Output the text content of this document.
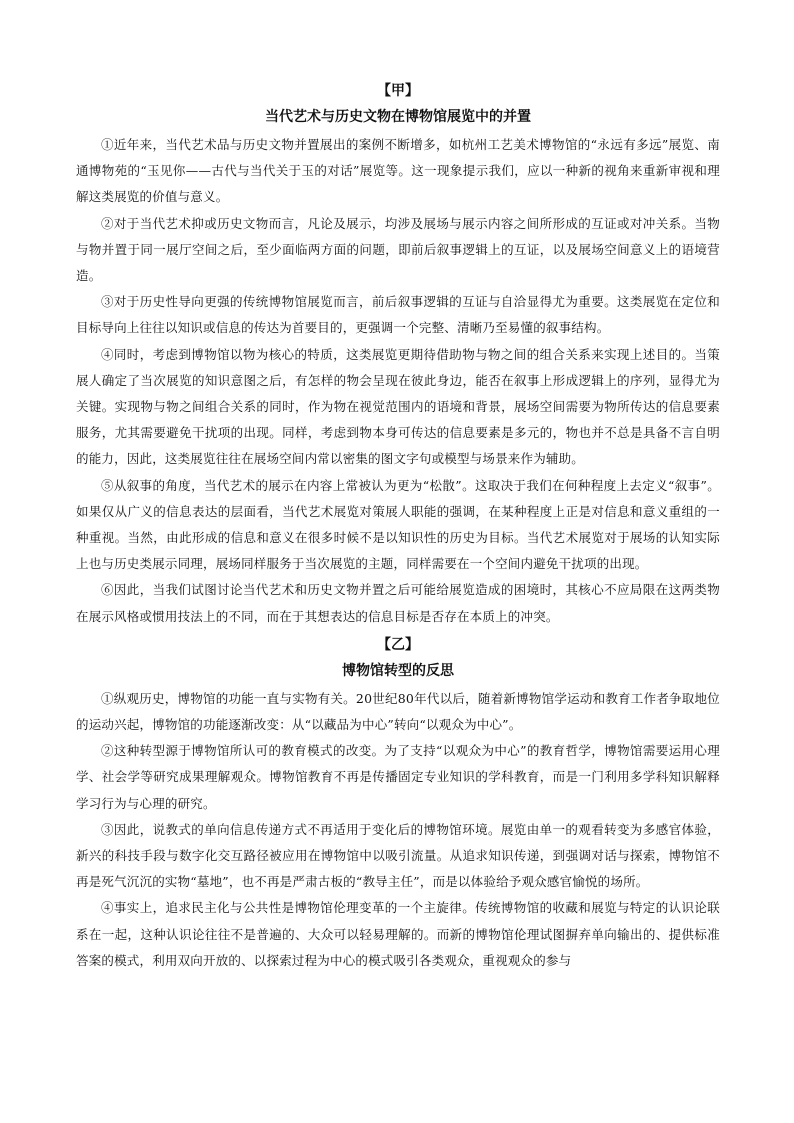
【甲】
当代艺术与历史文物在博物馆展览中的并置

①近年来，当代艺术品与历史文物并置展出的案例不断增多，如杭州工艺美术博物馆的“永远有多远”展览、南通博物苑的“玉见你——古代与当代关于玉的对话”展览等。这一现象提示我们，应以一种新的视角来重新审视和理解这类展览的价值与意义。

②对于当代艺术抑或历史文物而言，凡论及展示，均涉及展场与展示内容之间所形成的互证或对冲关系。当物与物并置于同一展厅空间之后，至少面临两方面的问题，即前后叙事逻辑上的互证，以及展场空间意义上的语境营造。

③对于历史性导向更强的传统博物馆展览而言，前后叙事逻辑的互证与自洽显得尤为重要。这类展览在定位和目标导向上往往以知识或信息的传达为首要目的，更强调一个完整、清晰乃至易懂的叙事结构。

④同时，考虑到博物馆以物为核心的特质，这类展览更期待借助物与物之间的组合关系来实现上述目的。当策展人确定了当次展览的知识意图之后，有怎样的物会呈现在彼此身边，能否在叙事上形成逻辑上的序列，显得尤为关键。实现物与物之间组合关系的同时，作为物在视觉范围内的语境和背景，展场空间需要为物所传达的信息要素服务，尤其需要避免干扰项的出现。同样，考虑到物本身可传达的信息要素是多元的，物也并不总是具备不言自明的能力，因此，这类展览往往在展场空间内常以密集的图文字句或模型与场景来作为辅助。

⑤从叙事的角度，当代艺术的展示在内容上常被认为更为“松散”。这取决于我们在何种程度上去定义“叙事”。如果仅从广义的信息表达的层面看，当代艺术展览对策展人职能的强调，在某种程度上正是对信息和意义重组的一种重视。当然，由此形成的信息和意义在很多时候不是以知识性的历史为目标。当代艺术展览对于展场的认知实际上也与历史类展示同理，展场同样服务于当次展览的主题，同样需要在一个空间内避免干扰项的出现。

⑥因此，当我们试图讨论当代艺术和历史文物并置之后可能给展览造成的困境时，其核心不应局限在这两类物在展示风格或惯用技法上的不同，而在于其想表达的信息目标是否存在本质上的冲突。

【乙】
博物馆转型的反思

①纵观历史，博物馆的功能一直与实物有关。20世纪80年代以后，随着新博物馆学运动和教育工作者争取地位的运动兴起，博物馆的功能逐渐改变：从“以藏品为中心”转向“以观众为中心”。

②这种转型源于博物馆所认可的教育模式的改变。为了支持“以观众为中心”的教育哲学，博物馆需要运用心理学、社会学等研究成果理解观众。博物馆教育不再是传播固定专业知识的学科教育，而是一门利用多学科知识解释学习行为与心理的研究。

③因此，说教式的单向信息传递方式不再适用于变化后的博物馆环境。展览由单一的观看转变为多感官体验，新兴的科技手段与数字化交互路径被应用在博物馆中以吸引流量。从追求知识传递，到强调对话与探索，博物馆不再是死气沉沉的实物“墓地”，也不再是严肃古板的“教导主任”，而是以体验给予观众感官愉悦的场所。

④事实上，追求民主化与公共性是博物馆伦理变革的一个主旋律。传统博物馆的收藏和展览与特定的认识论联系在一起，这种认识论往往不是普遍的、大众可以轻易理解的。而新的博物馆伦理试图摒弃单向输出的、提供标准答案的模式，利用双向开放的、以探索过程为中心的模式吸引各类观众，重视观众的参与
